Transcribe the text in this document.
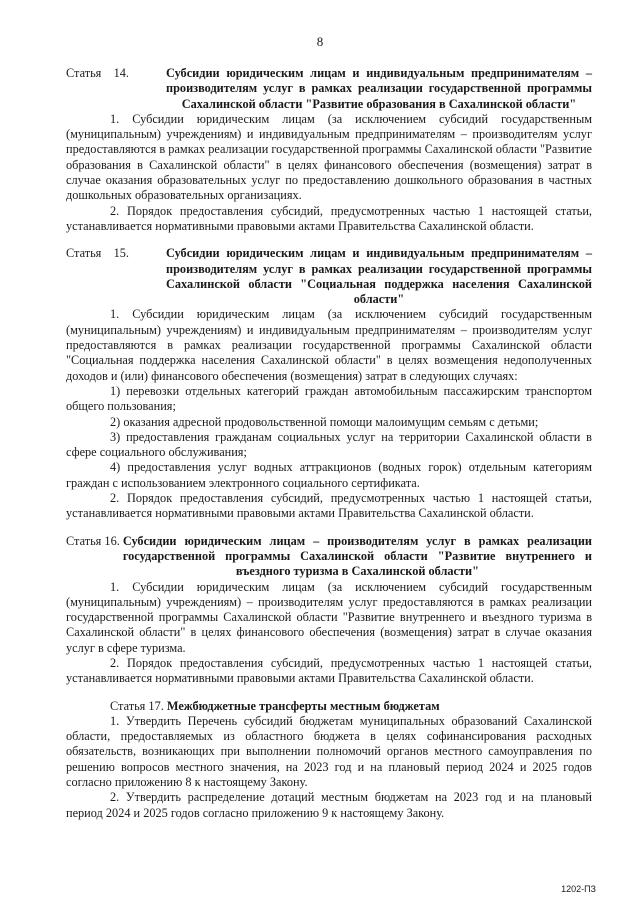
8
Статья    14.	Субсидии юридическим лицам и индивидуальным предпринимателям – производителям услуг в рамках реализации государственной программы Сахалинской области "Развитие образования в Сахалинской области"

1. Субсидии юридическим лицам (за исключением субсидий государственным (муниципальным) учреждениям) и индивидуальным предпринимателям – производителям услуг предоставляются в рамках реализации государственной программы Сахалинской области "Развитие образования в Сахалинской области" в целях финансового обеспечения (возмещения) затрат в случае оказания образовательных услуг по предоставлению дошкольного образования в частных дошкольных образовательных организациях.

2. Порядок предоставления субсидий, предусмотренных частью 1 настоящей статьи, устанавливается нормативными правовыми актами Правительства Сахалинской области.

Статья    15.	Субсидии юридическим лицам и индивидуальным предпринимателям – производителям услуг в рамках реализации государственной программы Сахалинской области "Социальная поддержка населения Сахалинской области"

1. Субсидии юридическим лицам (за исключением субсидий государственным (муниципальным) учреждениям) и индивидуальным предпринимателям – производителям услуг предоставляются в рамках реализации государственной программы Сахалинской области "Социальная поддержка населения Сахалинской области" в целях возмещения недополученных доходов и (или) финансового обеспечения (возмещения) затрат в следующих случаях:

1) перевозки отдельных категорий граждан автомобильным пассажирским транспортом общего пользования;

2) оказания адресной продовольственной помощи малоимущим семьям с детьми;

3) предоставления гражданам социальных услуг на территории Сахалинской области в сфере социального обслуживания;

4) предоставления услуг водных аттракционов (водных горок) отдельным категориям граждан с использованием электронного социального сертификата.

2. Порядок предоставления субсидий, предусмотренных частью 1 настоящей статьи, устанавливается нормативными правовыми актами Правительства Сахалинской области.

Статья 16. Субсидии юридическим лицам – производителям услуг в рамках реализации государственной программы Сахалинской области "Развитие внутреннего и въездного туризма в Сахалинской области"

1. Субсидии юридическим лицам (за исключением субсидий государственным (муниципальным) учреждениям) – производителям услуг предоставляются в рамках реализации государственной программы Сахалинской области "Развитие внутреннего и въездного туризма в Сахалинской области" в целях финансового обеспечения (возмещения) затрат в случае оказания услуг в сфере туризма.

2. Порядок предоставления субсидий, предусмотренных частью 1 настоящей статьи, устанавливается нормативными правовыми актами Правительства Сахалинской области.

Статья 17. Межбюджетные трансферты местным бюджетам

1. Утвердить Перечень субсидий бюджетам муниципальных образований Сахалинской области, предоставляемых из областного бюджета в целях софинансирования расходных обязательств, возникающих при выполнении полномочий органов местного самоуправления по решению вопросов местного значения, на 2023 год и на плановый период 2024 и 2025 годов согласно приложению 8 к настоящему Закону.

2. Утвердить распределение дотаций местным бюджетам на 2023 год и на плановый период 2024 и 2025 годов согласно приложению 9 к настоящему Закону.

1202-ПЗ
